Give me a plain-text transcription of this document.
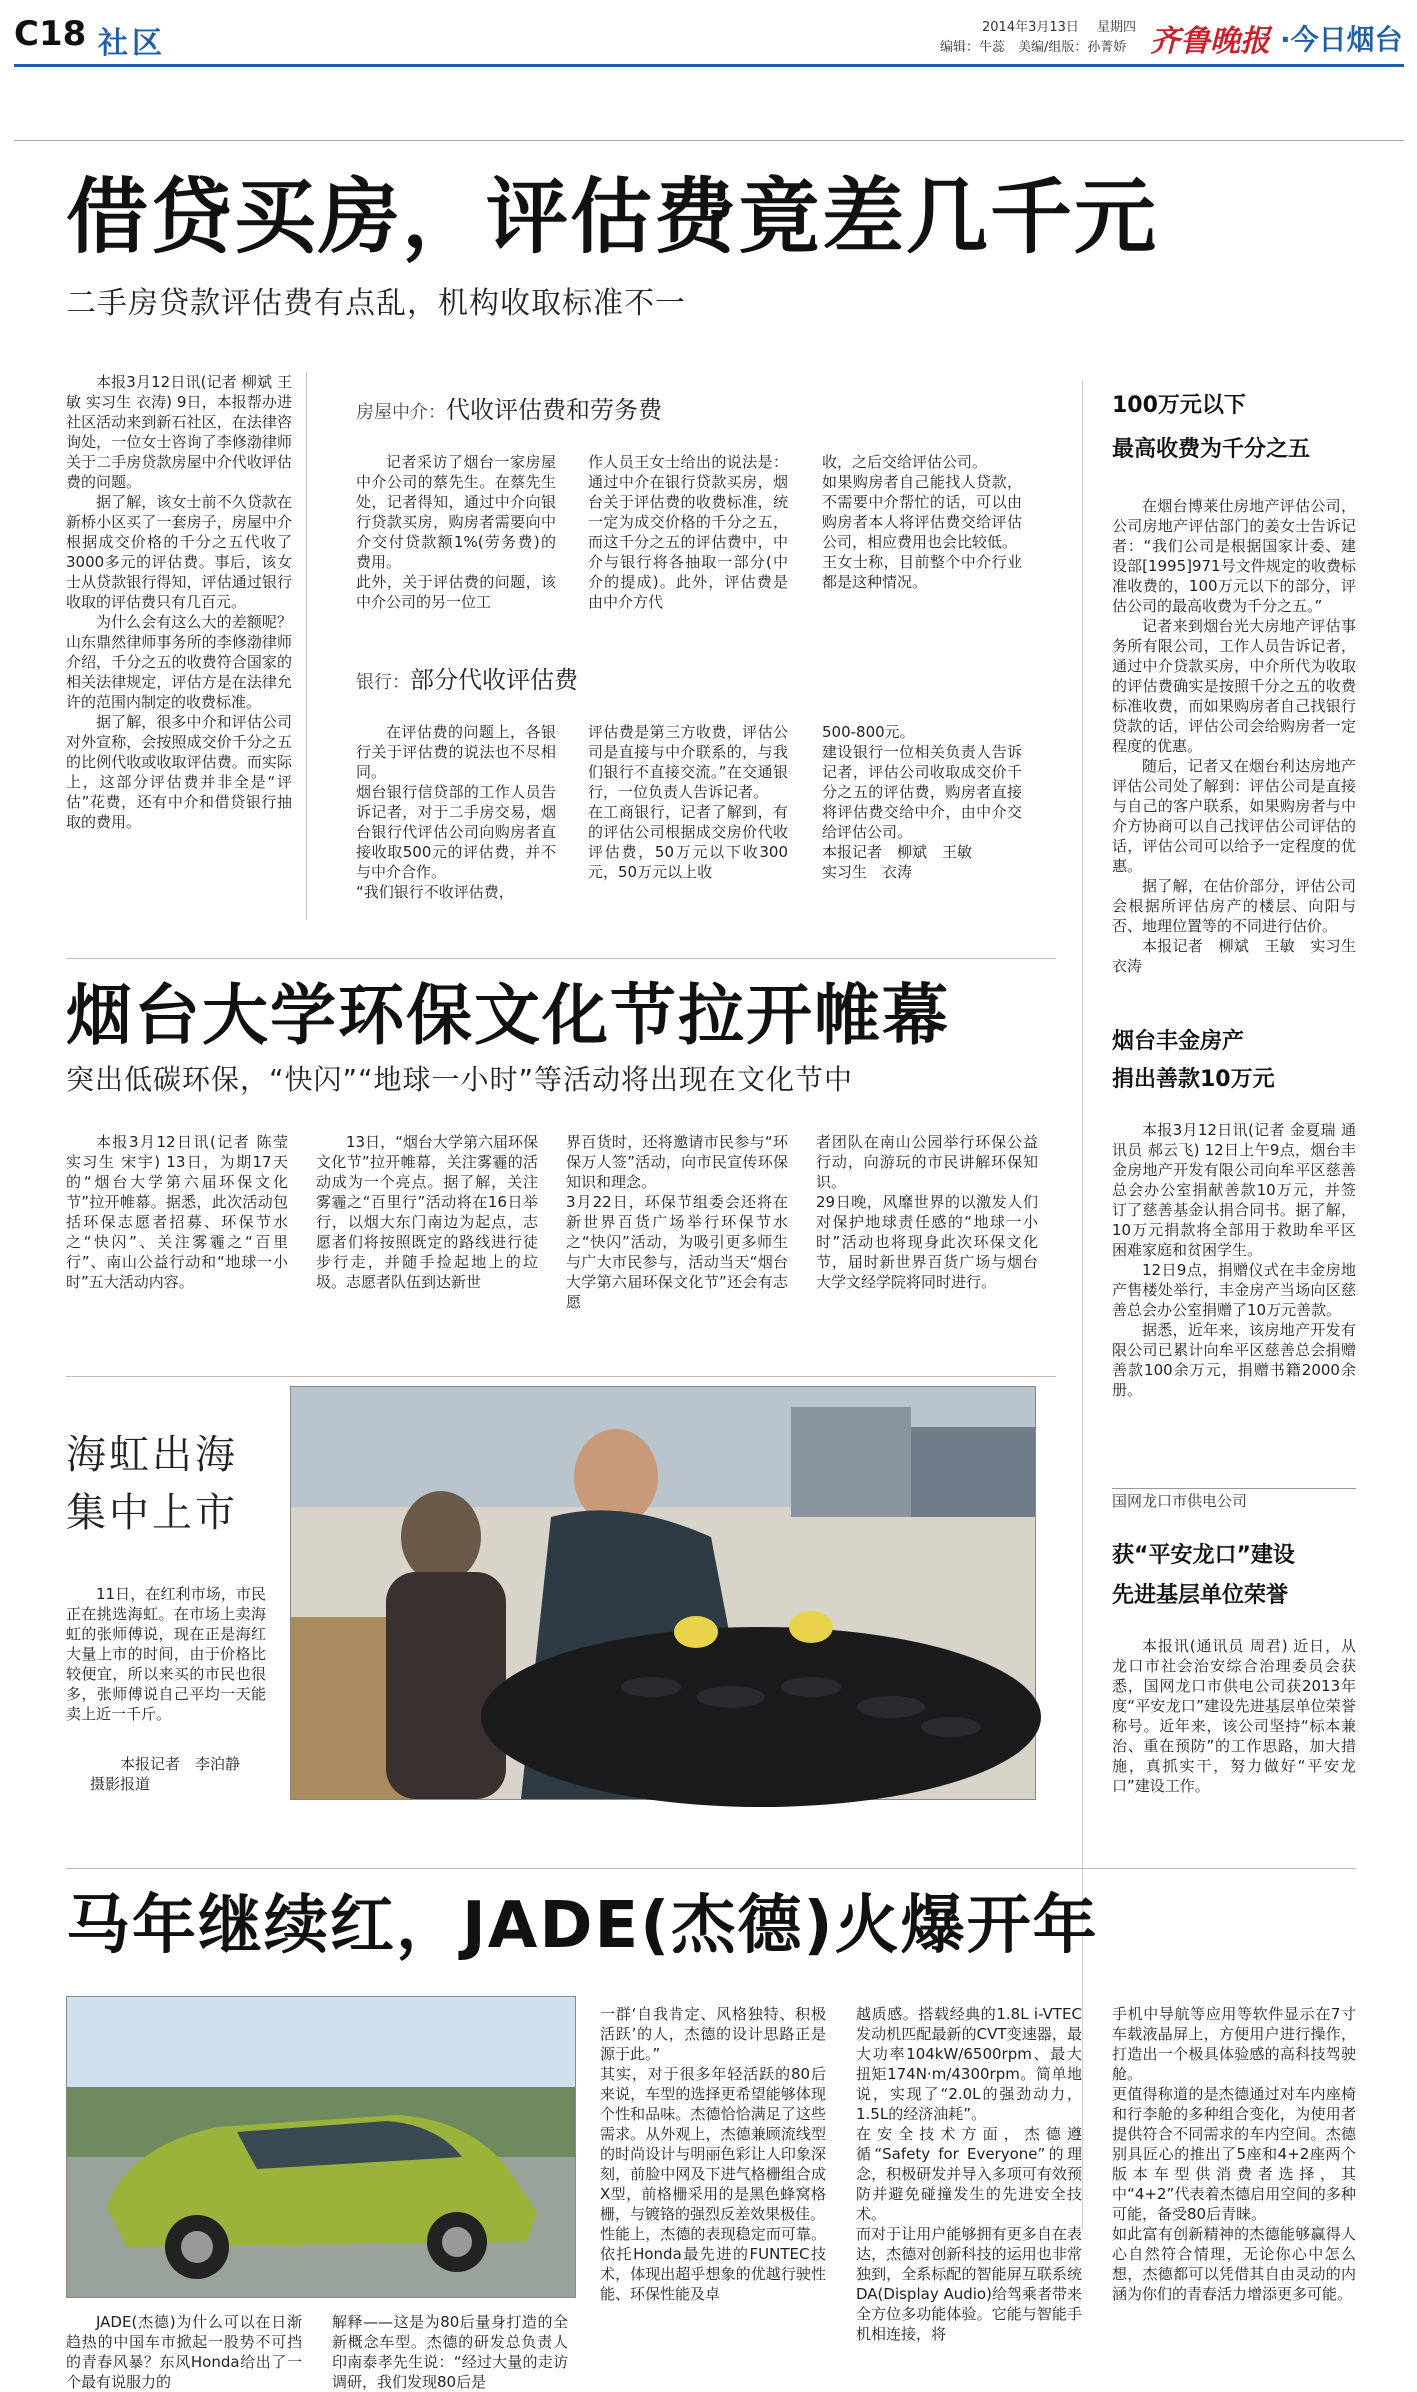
C18 社区	2014年3月13日 星期四
编辑：牛蕊　美编/组版：孙菁娇 齐鲁晚报 ·今日烟台
借贷买房，评估费竟差几千元
二手房贷款评估费有点乱，机构收取标准不一

本报3月12日讯(记者 柳斌 王敏 实习生 衣涛) 9日，本报帮办进社区活动来到新石社区，在法律咨询处，一位女士咨询了李修渤律师关于二手房贷款房屋中介代收评估费的问题。

据了解，该女士前不久贷款在新桥小区买了一套房子，房屋中介根据成交价格的千分之五代收了3000多元的评估费。事后，该女士从贷款银行得知，评估通过银行收取的评估费只有几百元。

为什么会有这么大的差额呢？山东鼎然律师事务所的李修渤律师介绍，千分之五的收费符合国家的相关法律规定，评估方是在法律允许的范围内制定的收费标准。

据了解，很多中介和评估公司对外宣称，会按照成交价千分之五的比例代收或收取评估费。而实际上，这部分评估费并非全是“评估”花费，还有中介和借贷银行抽取的费用。

房屋中介：代收评估费和劳务费
记者采访了烟台一家房屋中介公司的蔡先生。在蔡先生处，记者得知，通过中介向银行贷款买房，购房者需要向中介交付贷款额1%(劳务费)的费用。
此外，关于评估费的问题，该中介公司的另一位工
作人员王女士给出的说法是：通过中介在银行贷款买房，烟台关于评估费的收费标准，统一定为成交价格的千分之五，而这千分之五的评估费中，中介与银行将各抽取一部分(中介的提成)。此外，评估费是由中介方代
收，之后交给评估公司。
如果购房者自己能找人贷款，不需要中介帮忙的话，可以由购房者本人将评估费交给评估公司，相应费用也会比较低。
王女士称，目前整个中介行业都是这种情况。
银行：部分代收评估费
在评估费的问题上，各银行关于评估费的说法也不尽相同。
烟台银行信贷部的工作人员告诉记者，对于二手房交易，烟台银行代评估公司向购房者直接收取500元的评估费，并不与中介合作。
“我们银行不收评估费，
评估费是第三方收费，评估公司是直接与中介联系的，与我们银行不直接交流。”在交通银行，一位负责人告诉记者。
在工商银行，记者了解到，有的评估公司根据成交房价代收评估费，50万元以下收300元，50万元以上收
500-800元。
建设银行一位相关负责人告诉记者，评估公司收取成交价千分之五的评估费，购房者直接将评估费交给中介，由中介交给评估公司。
本报记者　柳斌　王敏
实习生　衣涛
100万元以下
最高收费为千分之五

在烟台博莱仕房地产评估公司，公司房地产评估部门的姜女士告诉记者：“我们公司是根据国家计委、建设部[1995]971号文件规定的收费标准收费的，100万元以下的部分，评估公司的最高收费为千分之五。”

记者来到烟台光大房地产评估事务所有限公司，工作人员告诉记者，通过中介贷款买房，中介所代为收取的评估费确实是按照千分之五的收费标准收费，而如果购房者自己找银行贷款的话，评估公司会给购房者一定程度的优惠。

随后，记者又在烟台利达房地产评估公司处了解到：评估公司是直接与自己的客户联系，如果购房者与中介方协商可以自己找评估公司评估的话，评估公司可以给予一定程度的优惠。

据了解，在估价部分，评估公司会根据所评估房产的楼层、向阳与否、地理位置等的不同进行估价。

本报记者　柳斌　王敏　实习生　衣涛

烟台大学环保文化节拉开帷幕
突出低碳环保，“快闪”“地球一小时”等活动将出现在文化节中
本报3月12日讯(记者 陈莹 实习生 宋宇) 13日，为期17天的“烟台大学第六届环保文化节”拉开帷幕。据悉，此次活动包括环保志愿者招募、环保节水之“快闪”、关注雾霾之“百里行”、南山公益行动和“地球一小时”五大活动内容。
13日，“烟台大学第六届环保文化节”拉开帷幕，关注雾霾的活动成为一个亮点。据了解，关注雾霾之“百里行”活动将在16日举行，以烟大东门南边为起点，志愿者们将按照既定的路线进行徒步行走，并随手捡起地上的垃圾。志愿者队伍到达新世
界百货时，还将邀请市民参与“环保万人签”活动，向市民宣传环保知识和理念。
3月22日，环保节组委会还将在新世界百货广场举行环保节水之“快闪”活动，为吸引更多师生与广大市民参与，活动当天“烟台大学第六届环保文化节”还会有志愿
者团队在南山公园举行环保公益行动，向游玩的市民讲解环保知识。
29日晚，风靡世界的以激发人们对保护地球责任感的“地球一小时”活动也将现身此次环保文化节，届时新世界百货广场与烟台大学文经学院将同时进行。
烟台丰金房产
捐出善款10万元

本报3月12日讯(记者 金夏瑞 通讯员 郝云飞) 12日上午9点，烟台丰金房地产开发有限公司向牟平区慈善总会办公室捐献善款10万元，并签订了慈善基金认捐合同书。据了解，10万元捐款将全部用于救助牟平区困难家庭和贫困学生。

12日9点，捐赠仪式在丰金房地产售楼处举行，丰金房产当场向区慈善总会办公室捐赠了10万元善款。

据悉，近年来，该房地产开发有限公司已累计向牟平区慈善总会捐赠善款100余万元，捐赠书籍2000余册。

海虹出海
集中上市
11日，在红利市场，市民正在挑选海虹。在市场上卖海虹的张师傅说，现在正是海红大量上市的时间，由于价格比较便宜，所以来买的市民也很多，张师傅说自己平均一天能卖上近一千斤。
本报记者　李泊静
摄影报道
国网龙口市供电公司
获“平安龙口”建设
先进基层单位荣誉
本报讯(通讯员 周君) 近日，从龙口市社会治安综合治理委员会获悉，国网龙口市供电公司获2013年度“平安龙口”建设先进基层单位荣誉称号。近年来，该公司坚持“标本兼治、重在预防”的工作思路，加大措施，真抓实干，努力做好“平安龙口”建设工作。
马年继续红，JADE(杰德)火爆开年
JADE(杰德)为什么可以在日渐趋热的中国车市掀起一股势不可挡的青春风暴？东风Honda给出了一个最有说服力的
解释——这是为80后量身打造的全新概念车型。杰德的研发总负责人印南泰孝先生说：“经过大量的走访调研，我们发现80后是
一群‘自我肯定、风格独特、积极活跃’的人，杰德的设计思路正是源于此。”
其实，对于很多年轻活跃的80后来说，车型的选择更希望能够体现个性和品味。杰德恰恰满足了这些需求。从外观上，杰德兼顾流线型的时尚设计与明丽色彩让人印象深刻，前脸中网及下进气格栅组合成X型，前格栅采用的是黑色蜂窝格栅，与镀铬的强烈反差效果极佳。
性能上，杰德的表现稳定而可靠。依托Honda最先进的FUNTEC技术，体现出超乎想象的优越行驶性能、环保性能及卓
越质感。搭载经典的1.8L i-VTEC发动机匹配最新的CVT变速器，最大功率104kW/6500rpm、最大扭矩174N·m/4300rpm。简单地说，实现了“2.0L的强劲动力，1.5L的经济油耗”。
在安全技术方面，杰德遵循“Safety for Everyone”的理念，积极研发并导入多项可有效预防并避免碰撞发生的先进安全技术。
而对于让用户能够拥有更多自在表达，杰德对创新科技的运用也非常独到，全系标配的智能屏互联系统DA(Display Audio)给驾乘者带来全方位多功能体验。它能与智能手机相连接，将
手机中导航等应用等软件显示在7寸车载液晶屏上，方便用户进行操作，打造出一个极具体验感的高科技驾驶舱。
更值得称道的是杰德通过对车内座椅和行李舱的多种组合变化，为使用者提供符合不同需求的车内空间。杰德别具匠心的推出了5座和4+2座两个版本车型供消费者选择，其中“4+2”代表着杰德启用空间的多种可能，备受80后青睐。
如此富有创新精神的杰德能够赢得人心自然符合情理，无论你心中怎么想，杰德都可以凭借其自由灵动的内涵为你们的青春活力增添更多可能。
